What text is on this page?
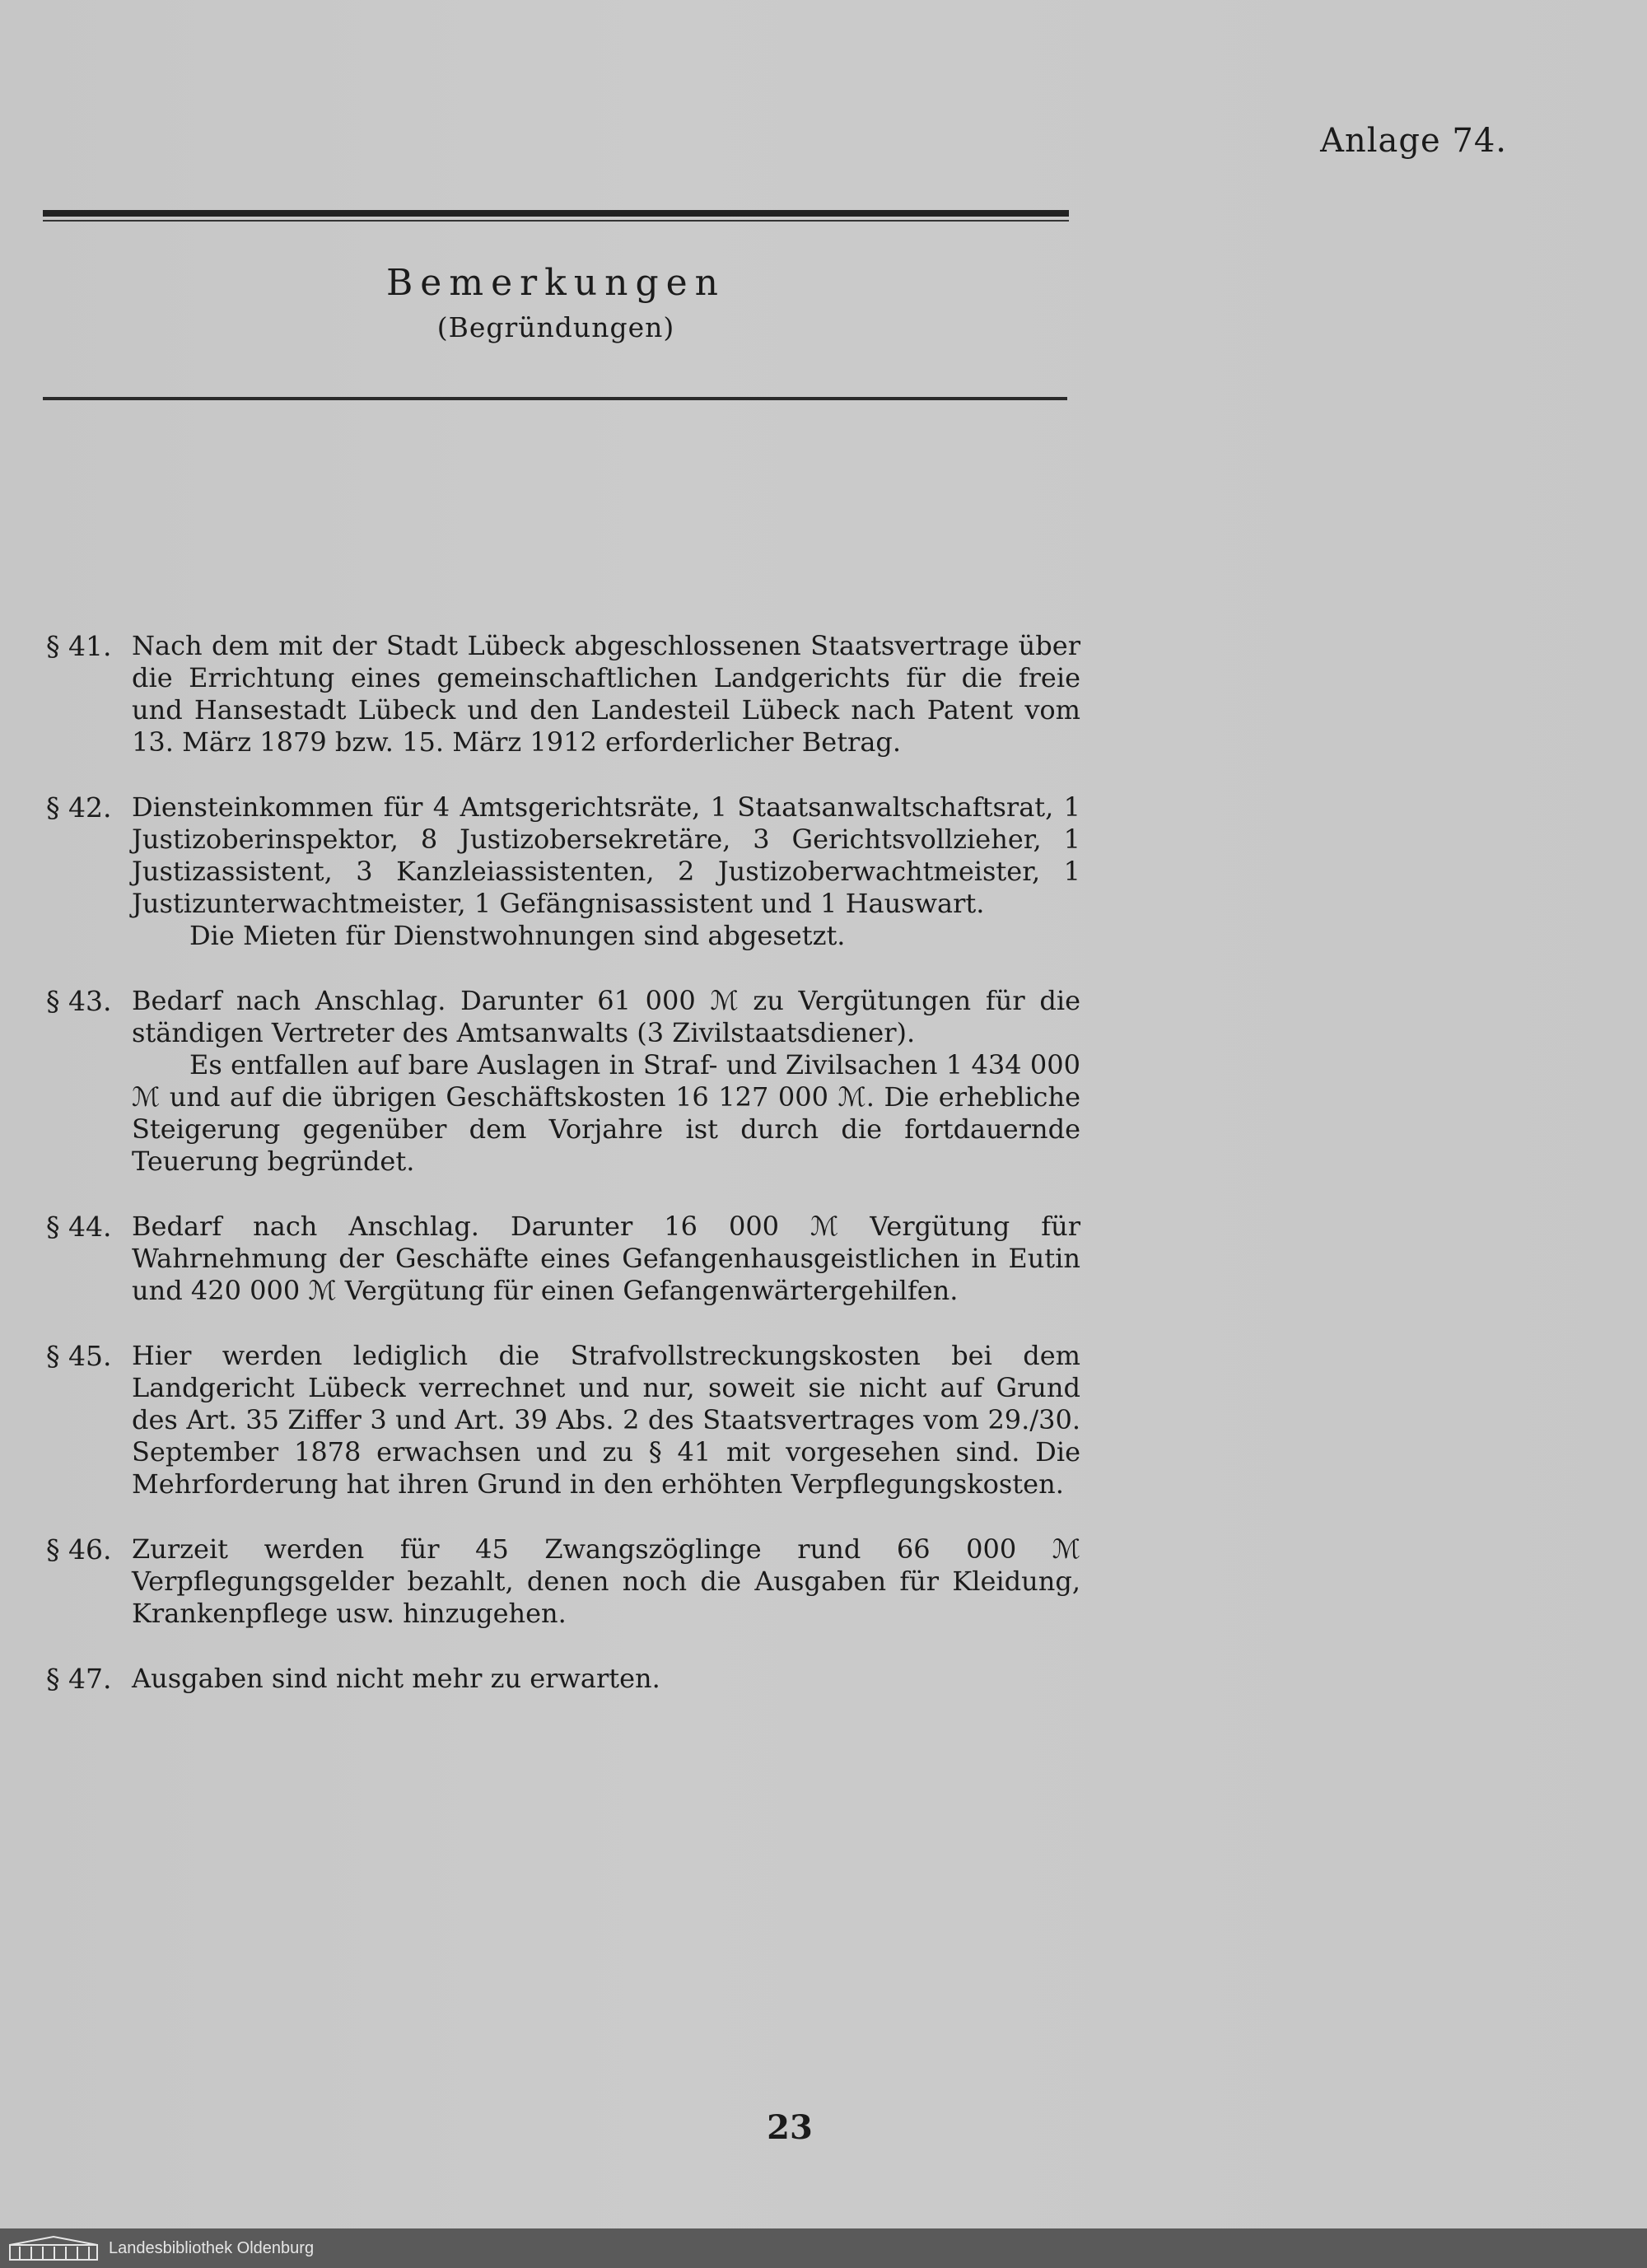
Anlage 74.
Bemerkungen
(Begründungen)
§ 41. Nach dem mit der Stadt Lübeck abgeschlossenen Staatsvertrage über die Errichtung eines gemeinschaftlichen Landgerichts für die freie und Hansestadt Lübeck und den Landesteil Lübeck nach Patent vom 13. März 1879 bzw. 15. März 1912 erforderlicher Betrag.

§ 42. Diensteinkommen für 4 Amtsgerichtsräte, 1 Staatsanwaltschaftsrat, 1 Justizoberinspektor, 8 Justizobersekretäre, 3 Gerichtsvollzieher, 1 Justizassistent, 3 Kanzleiassistenten, 2 Justizoberwachtmeister, 1 Justizunterwachtmeister, 1 Gefängnisassistent und 1 Hauswart.

Die Mieten für Dienstwohnungen sind abgesetzt.

§ 43. Bedarf nach Anschlag. Darunter 61 000 ℳ zu Vergütungen für die ständigen Vertreter des Amtsanwalts (3 Zivilstaatsdiener).

Es entfallen auf bare Auslagen in Straf- und Zivilsachen 1 434 000 ℳ und auf die übrigen Geschäftskosten 16 127 000 ℳ. Die erhebliche Steigerung gegenüber dem Vorjahre ist durch die fortdauernde Teuerung begründet.

§ 44. Bedarf nach Anschlag. Darunter 16 000 ℳ Vergütung für Wahrnehmung der Geschäfte eines Gefangenhausgeistlichen in Eutin und 420 000 ℳ Vergütung für einen Gefangenwärtergehilfen.

§ 45. Hier werden lediglich die Strafvollstreckungskosten bei dem Landgericht Lübeck verrechnet und nur, soweit sie nicht auf Grund des Art. 35 Ziffer 3 und Art. 39 Abs. 2 des Staatsvertrages vom 29./30. September 1878 erwachsen und zu § 41 mit vorgesehen sind. Die Mehrforderung hat ihren Grund in den erhöhten Verpflegungskosten.

§ 46. Zurzeit werden für 45 Zwangszöglinge rund 66 000 ℳ Verpflegungsgelder bezahlt, denen noch die Ausgaben für Kleidung, Krankenpflege usw. hinzugehen.

§ 47. Ausgaben sind nicht mehr zu erwarten.

23
Landesbibliothek Oldenburg
